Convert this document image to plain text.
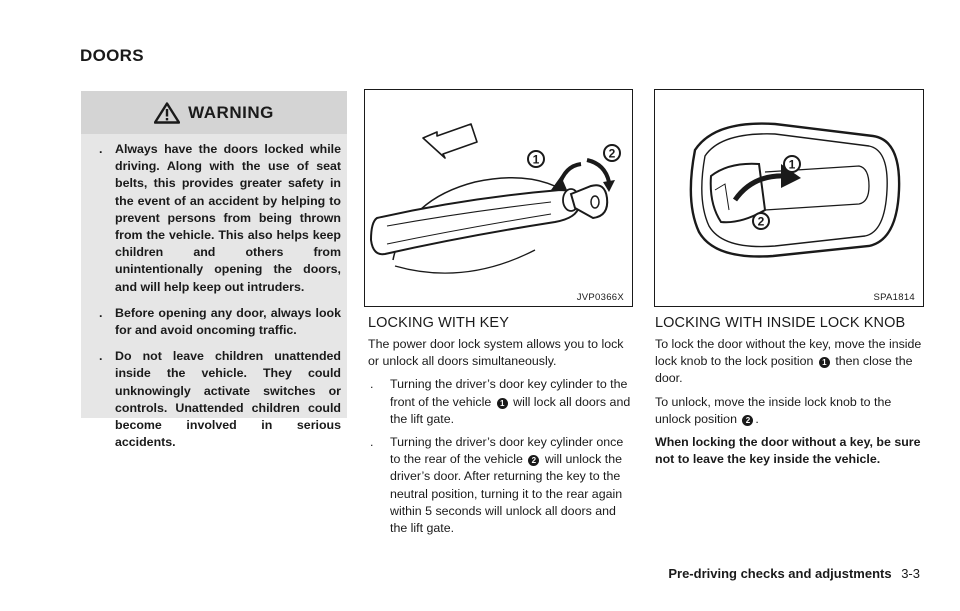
DOORS
WARNING
. Always have the doors locked while driving. Along with the use of seat belts, this provides greater safety in the event of an accident by helping to prevent persons from being thrown from the vehicle. This also helps keep children and others from unintentionally opening the doors, and will help keep out intruders.
. Before opening any door, always look for and avoid oncoming traffic.
. Do not leave children unattended inside the vehicle. They could unknowingly activate switches or controls. Unattended children could become involved in serious accidents.
1	2
JVP0366X
1
2
SPA1814
LOCKING WITH KEY	LOCKING WITH INSIDE LOCK KNOB

The power door lock system allows you to lock or unlock all doors simultaneously.

. Turning the driver’s door key cylinder to the front of the vehicle 1 will lock all doors and the lift gate.
. Turning the driver’s door key cylinder once to the rear of the vehicle 2 will unlock the driver’s door. After returning the key to the neutral position, turning it to the rear again within 5 seconds will unlock all doors and the lift gate.

To lock the door without the key, move the inside lock knob to the lock position 1 then close the door.

To unlock, move the inside lock knob to the unlock position 2 .

When locking the door without a key, be sure not to leave the key inside the vehicle.

Pre-driving checks and adjustments 3-3
